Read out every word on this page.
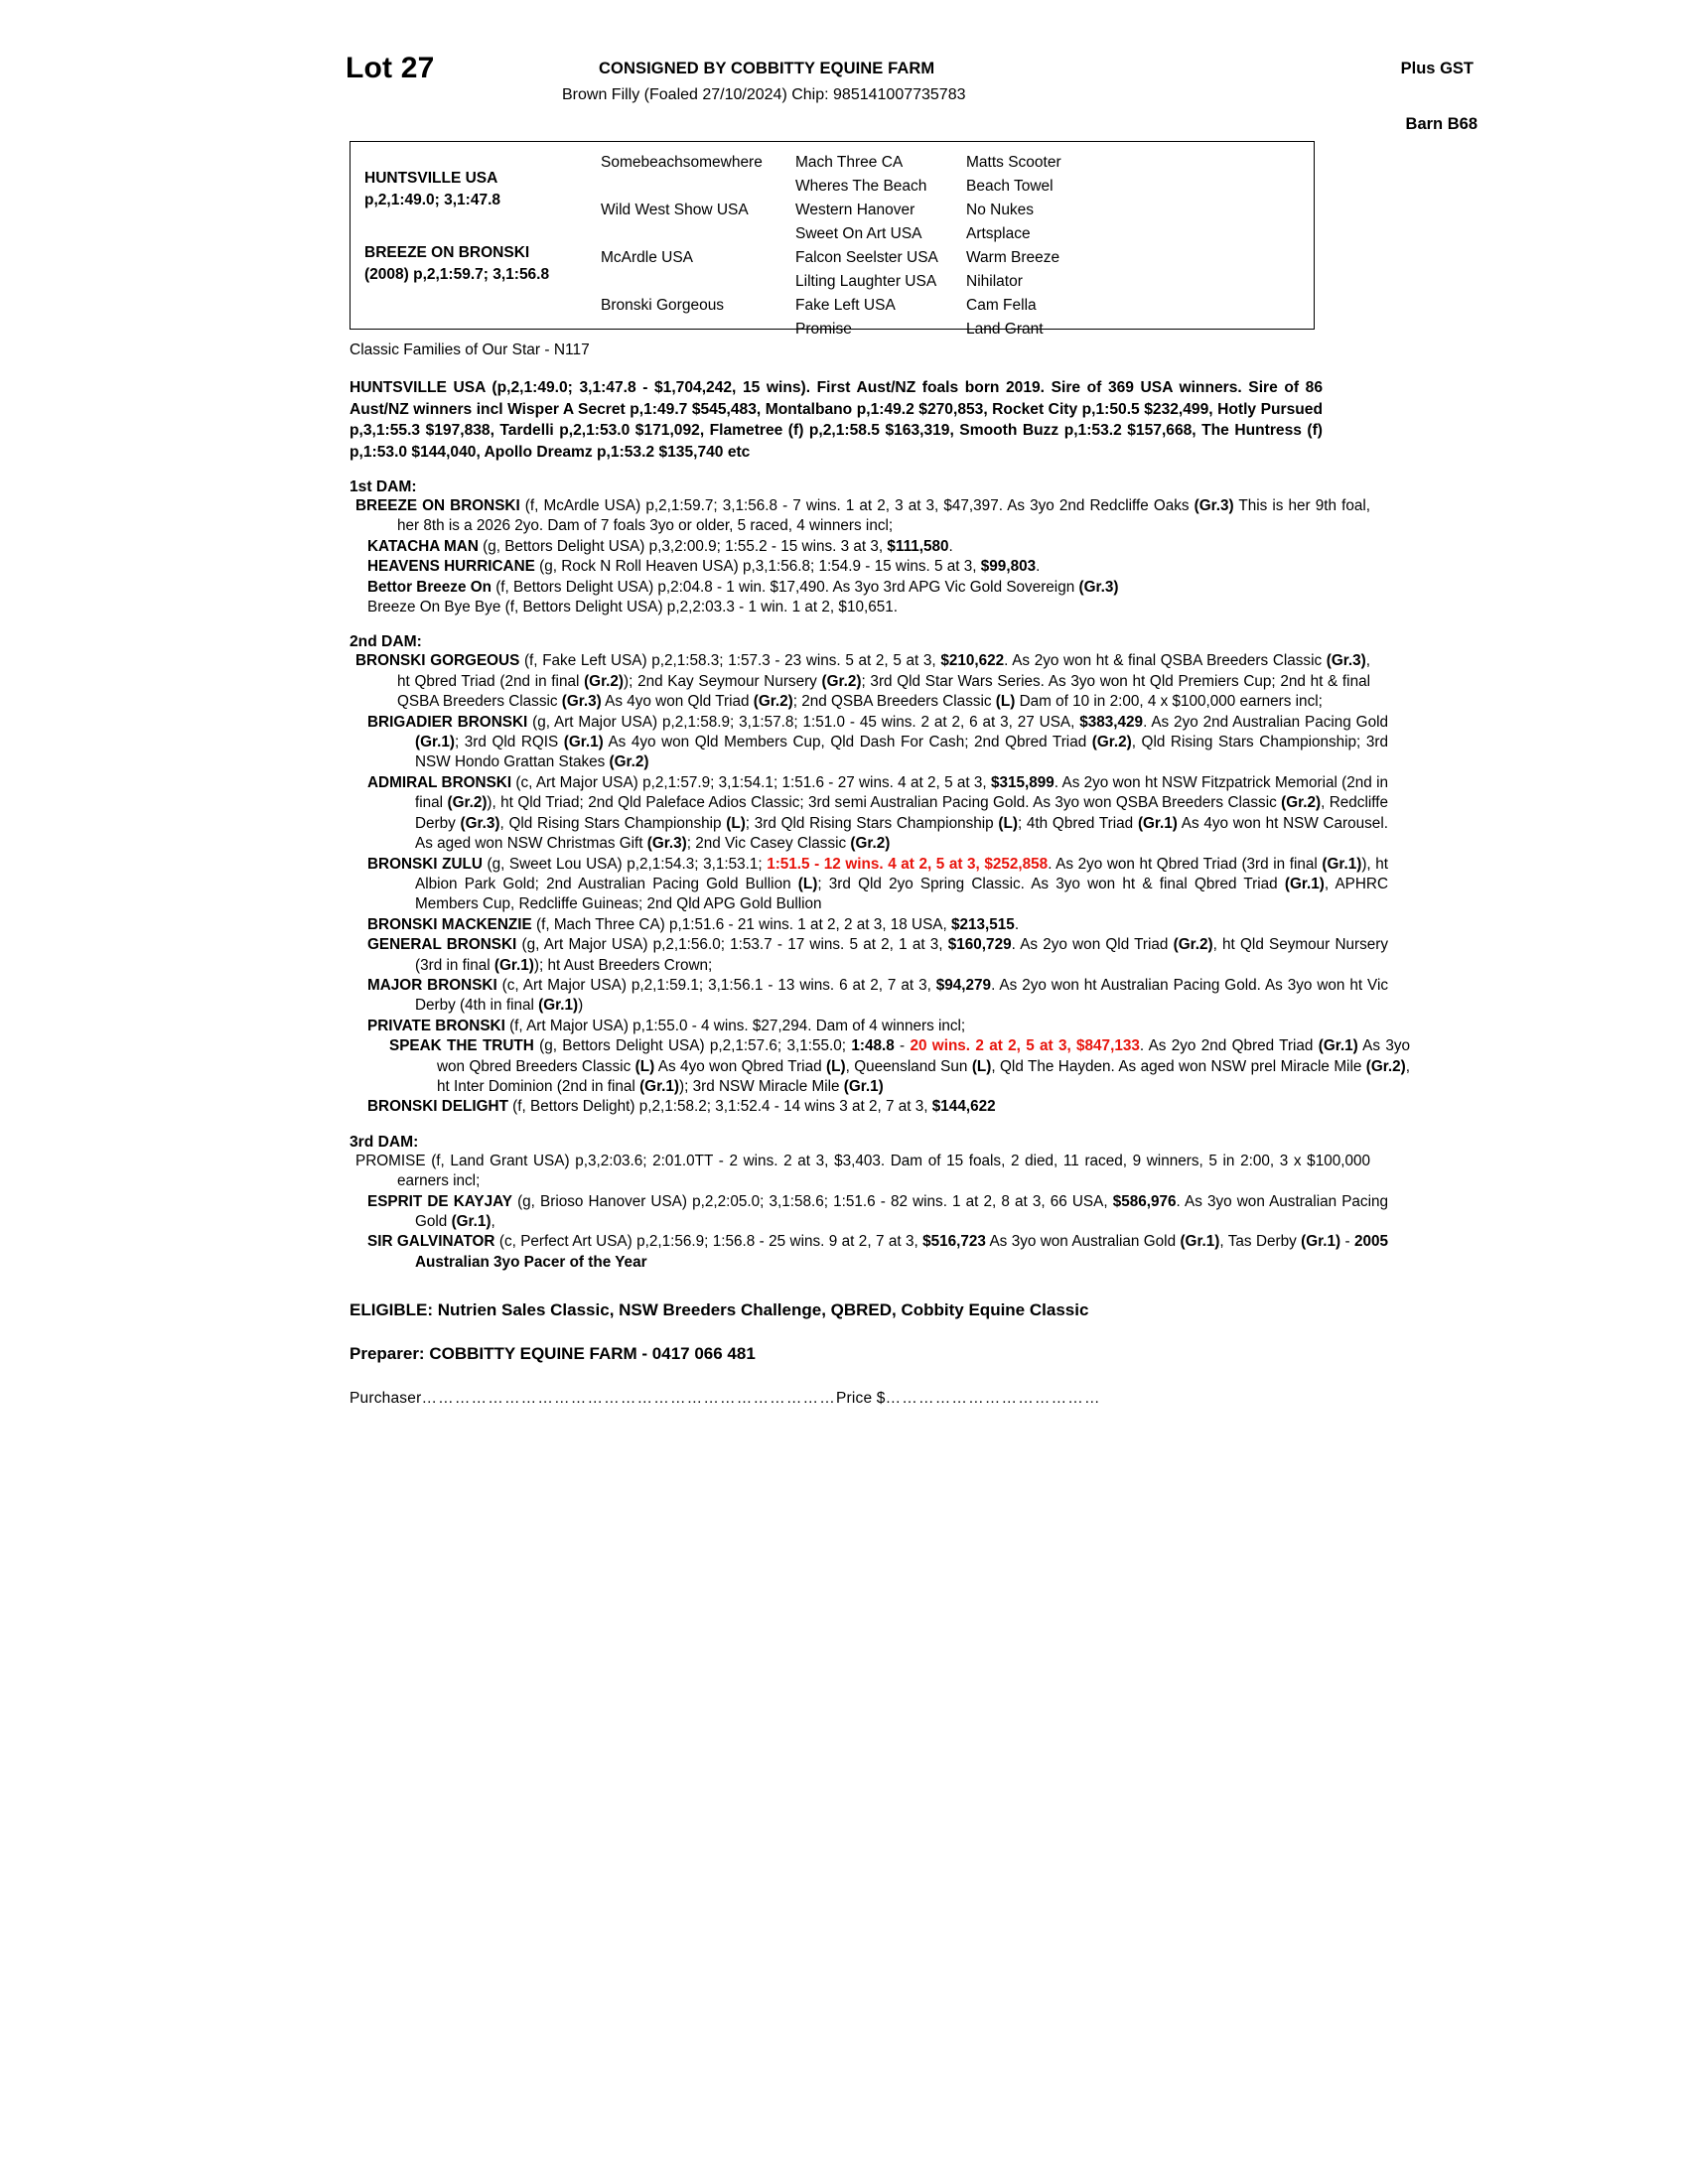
Lot 27	CONSIGNED BY COBBITTY EQUINE FARM	Plus GST
Brown Filly (Foaled 27/10/2024) Chip: 985141007735783
Barn B68
HUNTSVILLE USA
p,2,1:49.0; 3,1:47.8
BREEZE ON BRONSKI
(2008) p,2,1:59.7; 3,1:56.8
Somebeachsomewhere
Wild West Show USA
McArdle USA
Bronski Gorgeous
Mach Three CA
Wheres The Beach
Western Hanover
Sweet On Art USA
Falcon Seelster USA
Lilting Laughter USA
Fake Left USA
Promise
Matts Scooter
Beach Towel
No Nukes
Artsplace
Warm Breeze
Nihilator
Cam Fella
Land Grant
Classic Families of Our Star - N117
HUNTSVILLE USA (p,2,1:49.0; 3,1:47.8 - $1,704,242, 15 wins). First Aust/NZ foals born 2019. Sire of 369 USA winners. Sire of 86 Aust/NZ winners incl Wisper A Secret p,1:49.7 $545,483, Montalbano p,1:49.2 $270,853, Rocket City p,1:50.5 $232,499, Hotly Pursued p,3,1:55.3 $197,838, Tardelli p,2,1:53.0 $171,092, Flametree (f) p,2,1:58.5 $163,319, Smooth Buzz p,1:53.2 $157,668, The Huntress (f) p,1:53.0 $144,040, Apollo Dreamz p,1:53.2 $135,740 etc
1st DAM:
BREEZE ON BRONSKI (f, McArdle USA) p,2,1:59.7; 3,1:56.8 - 7 wins. 1 at 2, 3 at 3, $47,397. As 3yo 2nd Redcliffe Oaks (Gr.3) This is her 9th foal, her 8th is a 2026 2yo. Dam of 7 foals 3yo or older, 5 raced, 4 winners incl;
KATACHA MAN (g, Bettors Delight USA) p,3,2:00.9; 1:55.2 - 15 wins. 3 at 3, $111,580.
HEAVENS HURRICANE (g, Rock N Roll Heaven USA) p,3,1:56.8; 1:54.9 - 15 wins. 5 at 3, $99,803.
Bettor Breeze On (f, Bettors Delight USA) p,2:04.8 - 1 win. $17,490. As 3yo 3rd APG Vic Gold Sovereign (Gr.3)
Breeze On Bye Bye (f, Bettors Delight USA) p,2,2:03.3 - 1 win. 1 at 2, $10,651.
2nd DAM:
BRONSKI GORGEOUS (f, Fake Left USA) p,2,1:58.3; 1:57.3 - 23 wins. 5 at 2, 5 at 3, $210,622. As 2yo won ht & final QSBA Breeders Classic (Gr.3), ht Qbred Triad (2nd in final (Gr.2)); 2nd Kay Seymour Nursery (Gr.2); 3rd Qld Star Wars Series. As 3yo won ht Qld Premiers Cup; 2nd ht & final QSBA Breeders Classic (Gr.3) As 4yo won Qld Triad (Gr.2); 2nd QSBA Breeders Classic (L) Dam of 10 in 2:00, 4 x $100,000 earners incl;
BRIGADIER BRONSKI (g, Art Major USA) p,2,1:58.9; 3,1:57.8; 1:51.0 - 45 wins. 2 at 2, 6 at 3, 27 USA, $383,429. As 2yo 2nd Australian Pacing Gold (Gr.1); 3rd Qld RQIS (Gr.1) As 4yo won Qld Members Cup, Qld Dash For Cash; 2nd Qbred Triad (Gr.2), Qld Rising Stars Championship; 3rd NSW Hondo Grattan Stakes (Gr.2)
ADMIRAL BRONSKI (c, Art Major USA) p,2,1:57.9; 3,1:54.1; 1:51.6 - 27 wins. 4 at 2, 5 at 3, $315,899. As 2yo won ht NSW Fitzpatrick Memorial (2nd in final (Gr.2)), ht Qld Triad; 2nd Qld Paleface Adios Classic; 3rd semi Australian Pacing Gold. As 3yo won QSBA Breeders Classic (Gr.2), Redcliffe Derby (Gr.3), Qld Rising Stars Championship (L); 3rd Qld Rising Stars Championship (L); 4th Qbred Triad (Gr.1) As 4yo won ht NSW Carousel. As aged won NSW Christmas Gift (Gr.3); 2nd Vic Casey Classic (Gr.2)
BRONSKI ZULU (g, Sweet Lou USA) p,2,1:54.3; 3,1:53.1; 1:51.5 - 12 wins. 4 at 2, 5 at 3, $252,858. As 2yo won ht Qbred Triad (3rd in final (Gr.1)), ht Albion Park Gold; 2nd Australian Pacing Gold Bullion (L); 3rd Qld 2yo Spring Classic. As 3yo won ht & final Qbred Triad (Gr.1), APHRC Members Cup, Redcliffe Guineas; 2nd Qld APG Gold Bullion
BRONSKI MACKENZIE (f, Mach Three CA) p,1:51.6 - 21 wins. 1 at 2, 2 at 3, 18 USA, $213,515.
GENERAL BRONSKI (g, Art Major USA) p,2,1:56.0; 1:53.7 - 17 wins. 5 at 2, 1 at 3, $160,729. As 2yo won Qld Triad (Gr.2), ht Qld Seymour Nursery (3rd in final (Gr.1)); ht Aust Breeders Crown;
MAJOR BRONSKI (c, Art Major USA) p,2,1:59.1; 3,1:56.1 - 13 wins. 6 at 2, 7 at 3, $94,279. As 2yo won ht Australian Pacing Gold. As 3yo won ht Vic Derby (4th in final (Gr.1))
PRIVATE BRONSKI (f, Art Major USA) p,1:55.0 - 4 wins. $27,294. Dam of 4 winners incl;
SPEAK THE TRUTH (g, Bettors Delight USA) p,2,1:57.6; 3,1:55.0; 1:48.8 - 20 wins. 2 at 2, 5 at 3, $847,133. As 2yo 2nd Qbred Triad (Gr.1) As 3yo won Qbred Breeders Classic (L) As 4yo won Qbred Triad (L), Queensland Sun (L), Qld The Hayden. As aged won NSW prel Miracle Mile (Gr.2), ht Inter Dominion (2nd in final (Gr.1)); 3rd NSW Miracle Mile (Gr.1)
BRONSKI DELIGHT (f, Bettors Delight) p,2,1:58.2; 3,1:52.4 - 14 wins 3 at 2, 7 at 3, $144,622
3rd DAM:
PROMISE (f, Land Grant USA) p,3,2:03.6; 2:01.0TT - 2 wins. 2 at 3, $3,403. Dam of 15 foals, 2 died, 11 raced, 9 winners, 5 in 2:00, 3 x $100,000 earners incl;
ESPRIT DE KAYJAY (g, Brioso Hanover USA) p,2,2:05.0; 3,1:58.6; 1:51.6 - 82 wins. 1 at 2, 8 at 3, 66 USA, $586,976. As 3yo won Australian Pacing Gold (Gr.1),
SIR GALVINATOR (c, Perfect Art USA) p,2,1:56.9; 1:56.8 - 25 wins. 9 at 2, 7 at 3, $516,723 As 3yo won Australian Gold (Gr.1), Tas Derby (Gr.1) - 2005 Australian 3yo Pacer of the Year
ELIGIBLE: Nutrien Sales Classic, NSW Breeders Challenge, QBRED, Cobbity Equine Classic
Preparer: COBBITTY EQUINE FARM - 0417 066 481
Purchaser…………………………………………………………………Price $…………………………………
